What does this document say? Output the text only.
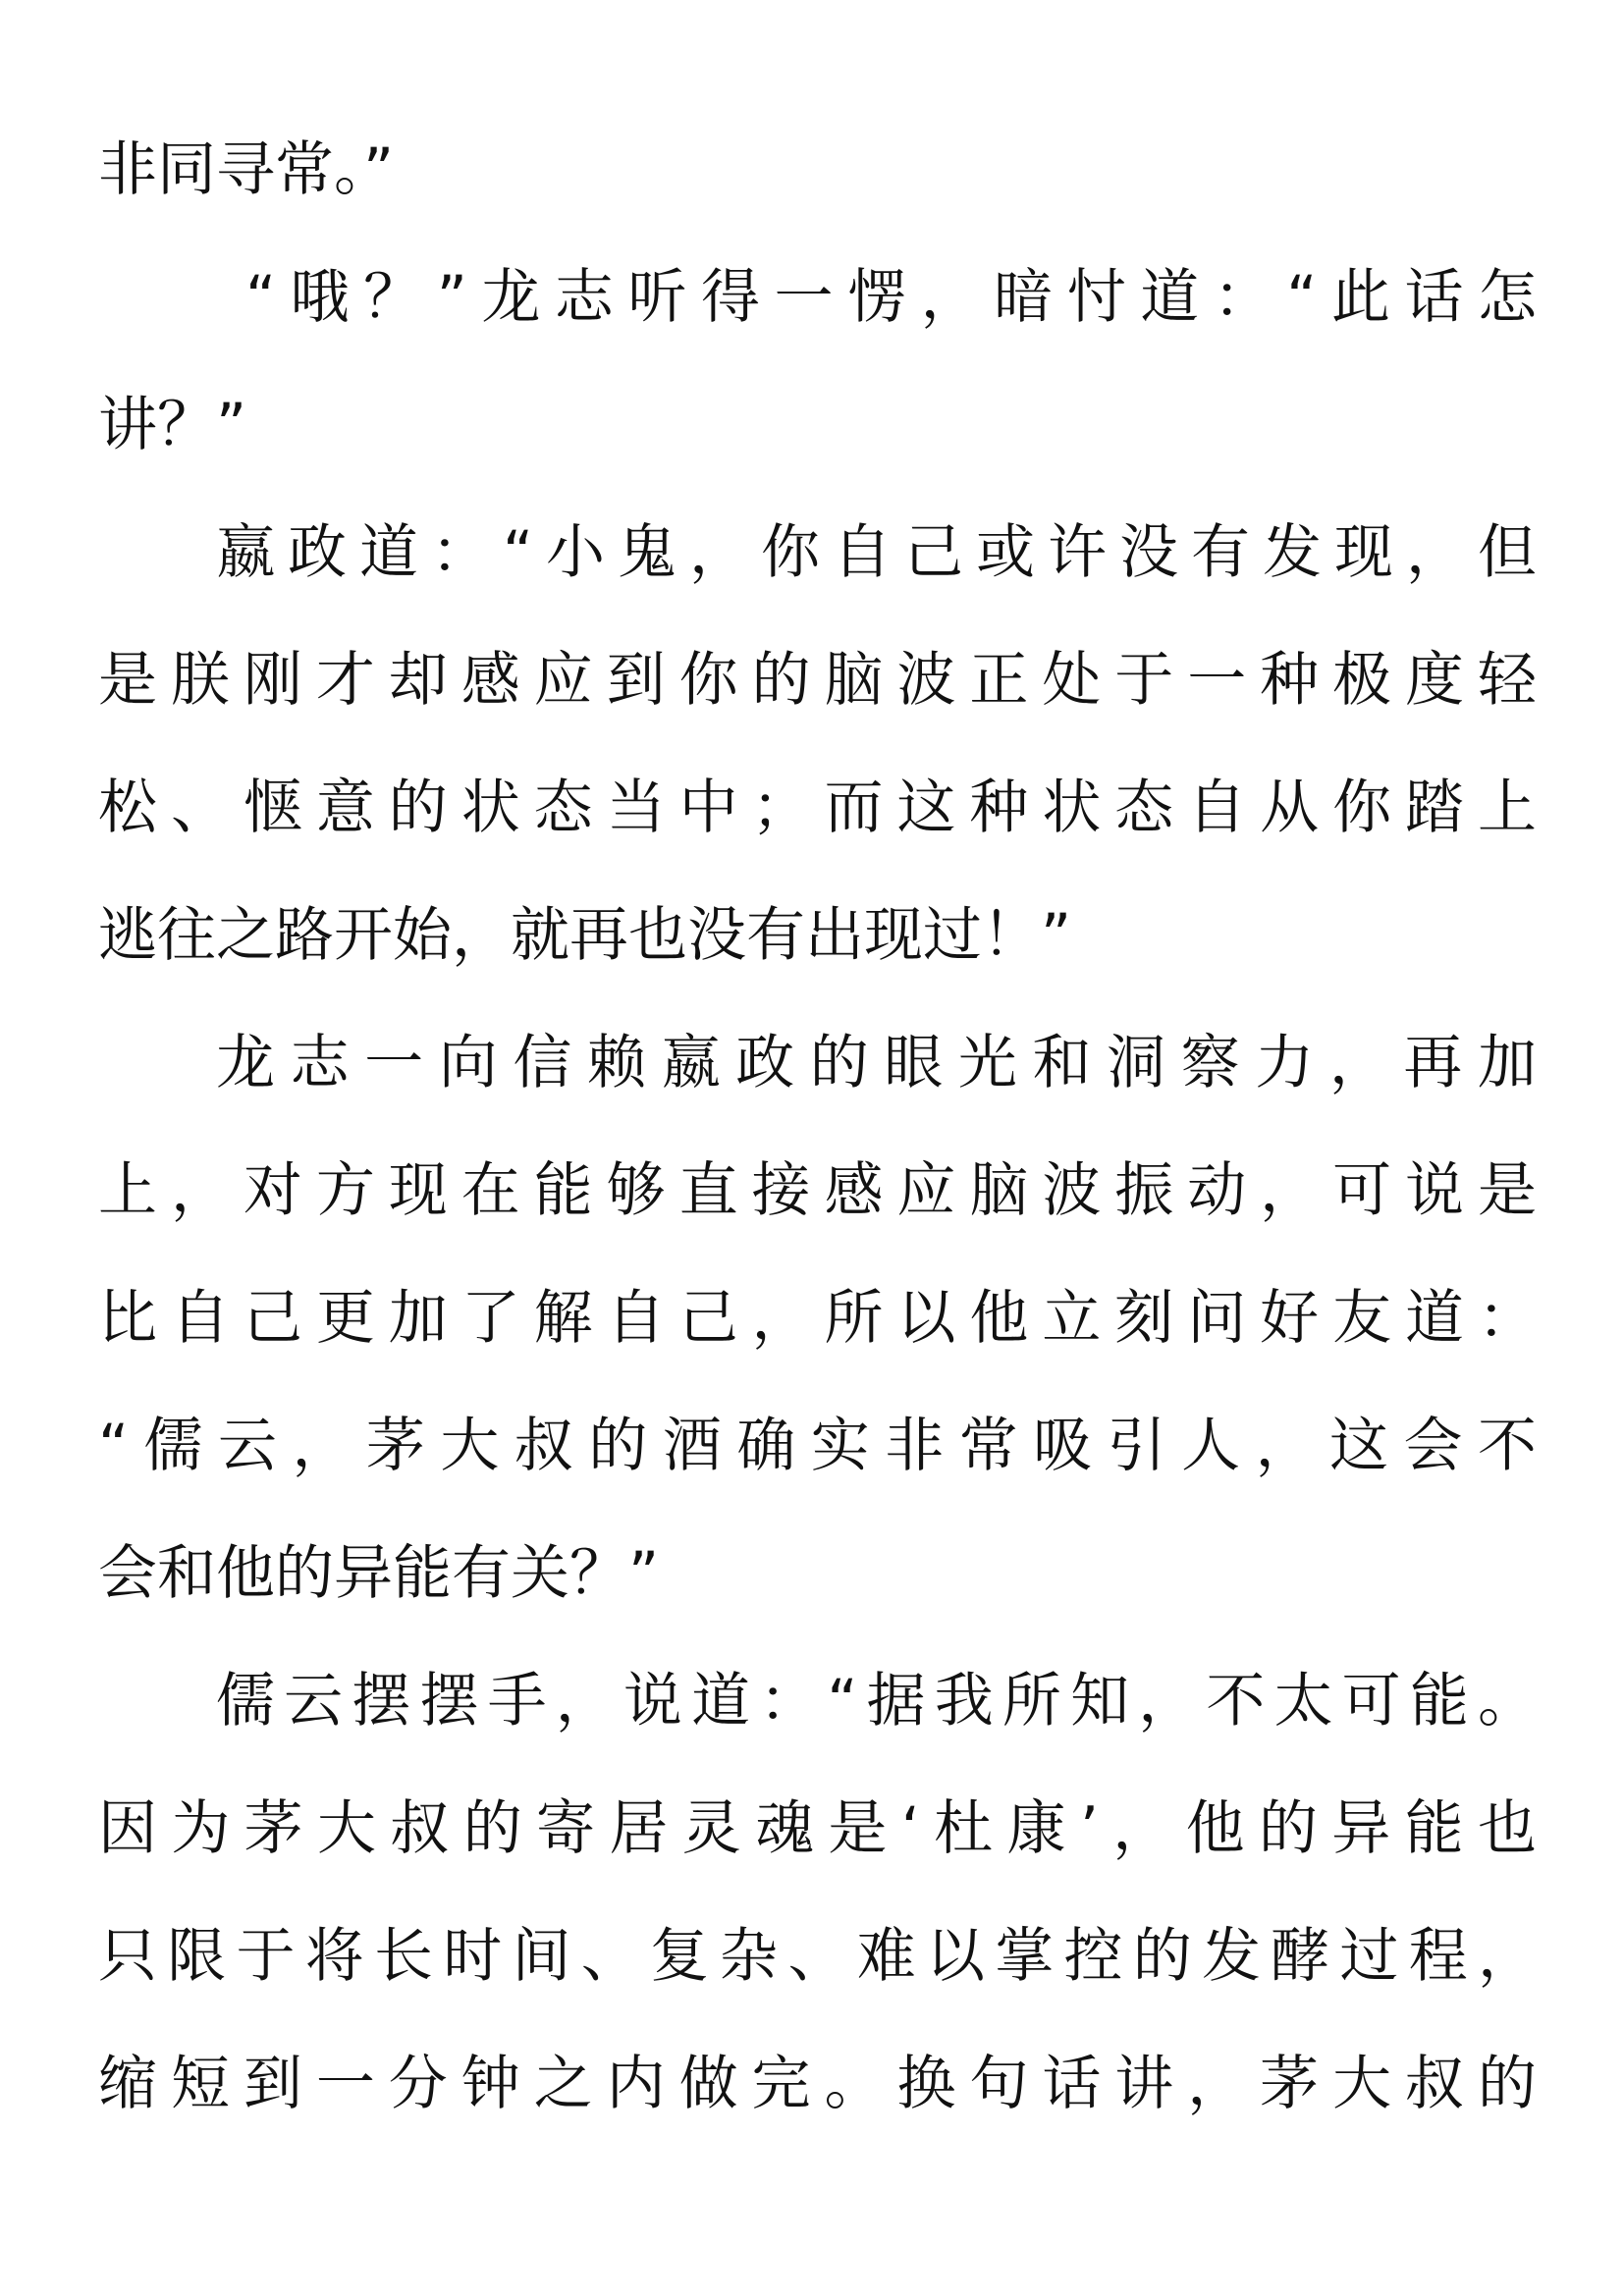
非同寻常。”
“哦？”龙志听得一愣，暗忖道：“此话怎
讲？”
嬴政道：“小鬼，你自己或许没有发现，但
是朕刚才却感应到你的脑波正处于一种极度轻
松、惬意的状态当中；而这种状态自从你踏上
逃往之路开始，就再也没有出现过！”
龙志一向信赖嬴政的眼光和洞察力，再加
上，对方现在能够直接感应脑波振动，可说是
比自己更加了解自己，所以他立刻问好友道：
“儒云，茅大叔的酒确实非常吸引人，这会不
会和他的异能有关？”
儒云摆摆手，说道：“据我所知，不太可能。
因为茅大叔的寄居灵魂是‘杜康’，他的异能也
只限于将长时间、复杂、难以掌控的发酵过程，
缩短到一分钟之内做完。换句话讲，茅大叔的
